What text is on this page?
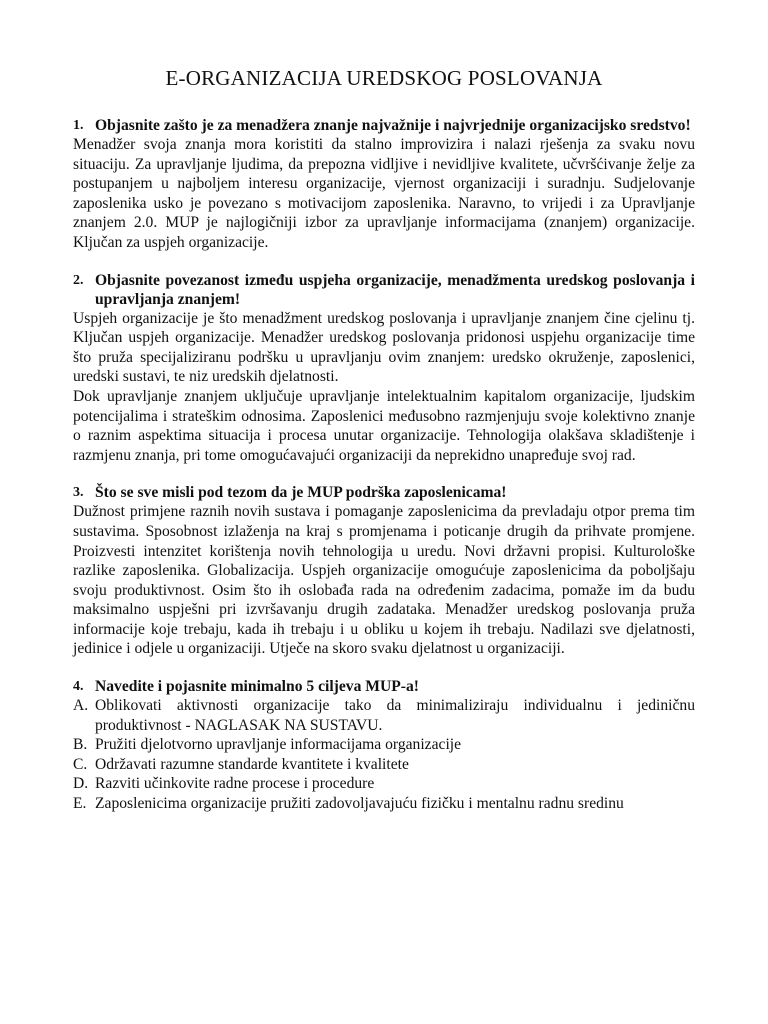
E-ORGANIZACIJA UREDSKOG POSLOVANJA
1. Objasnite zašto je za menadžera znanje najvažnije i najvrjednije organizacijsko sredstvo!

Menadžer svoja znanja mora koristiti da stalno improvizira i nalazi rješenja za svaku novu situaciju. Za upravljanje ljudima, da prepozna vidljive i nevidljive kvalitete, učvršćivanje želje za postupanjem u najboljem interesu organizacije, vjernost organizaciji i suradnju. Sudjelovanje zaposlenika usko je povezano s motivacijom zaposlenika. Naravno, to vrijedi i za Upravljanje znanjem 2.0. MUP je najlogičniji izbor za upravljanje informacijama (znanjem) organizacije. Ključan za uspjeh organizacije.

2. Objasnite povezanost između uspjeha organizacije, menadžmenta uredskog poslovanja i upravljanja znanjem!

Uspjeh organizacije je što menadžment uredskog poslovanja i upravljanje znanjem čine cjelinu tj. Ključan uspjeh organizacije. Menadžer uredskog poslovanja pridonosi uspjehu organizacije time što pruža specijaliziranu podršku u upravljanju ovim znanjem: uredsko okruženje, zaposlenici, uredski sustavi, te niz uredskih djelatnosti.

Dok upravljanje znanjem uključuje upravljanje intelektualnim kapitalom organizacije, ljudskim potencijalima i strateškim odnosima. Zaposlenici međusobno razmjenjuju svoje kolektivno znanje o raznim aspektima situacija i procesa unutar organizacije. Tehnologija olakšava skladištenje i razmjenu znanja, pri tome omogućavajući organizaciji da neprekidno unapređuje svoj rad.

3. Što se sve misli pod tezom da je MUP podrška zaposlenicama!

Dužnost primjene raznih novih sustava i pomaganje zaposlenicima da prevladaju otpor prema tim sustavima. Sposobnost izlaženja na kraj s promjenama i poticanje drugih da prihvate promjene. Proizvesti intenzitet korištenja novih tehnologija u uredu. Novi državni propisi. Kulturološke razlike zaposlenika. Globalizacija. Uspjeh organizacije omogućuje zaposlenicima da poboljšaju svoju produktivnost. Osim što ih oslobađa rada na određenim zadacima, pomaže im da budu maksimalno uspješni pri izvršavanju drugih zadataka. Menadžer uredskog poslovanja pruža informacije koje trebaju, kada ih trebaju i u obliku u kojem ih trebaju. Nadilazi sve djelatnosti, jedinice i odjele u organizaciji. Utječe na skoro svaku djelatnost u organizaciji.

4. Navedite i pojasnite minimalno 5 ciljeva MUP-a!
A. Oblikovati aktivnosti organizacije tako da minimaliziraju individualnu i jediničnu produktivnost - NAGLASAK NA SUSTAVU.
B. Pružiti djelotvorno upravljanje informacijama organizacije
C. Održavati razumne standarde kvantitete i kvalitete
D. Razviti učinkovite radne procese i procedure
E. Zaposlenicima organizacije pružiti zadovoljavajuću fizičku i mentalnu radnu sredinu
